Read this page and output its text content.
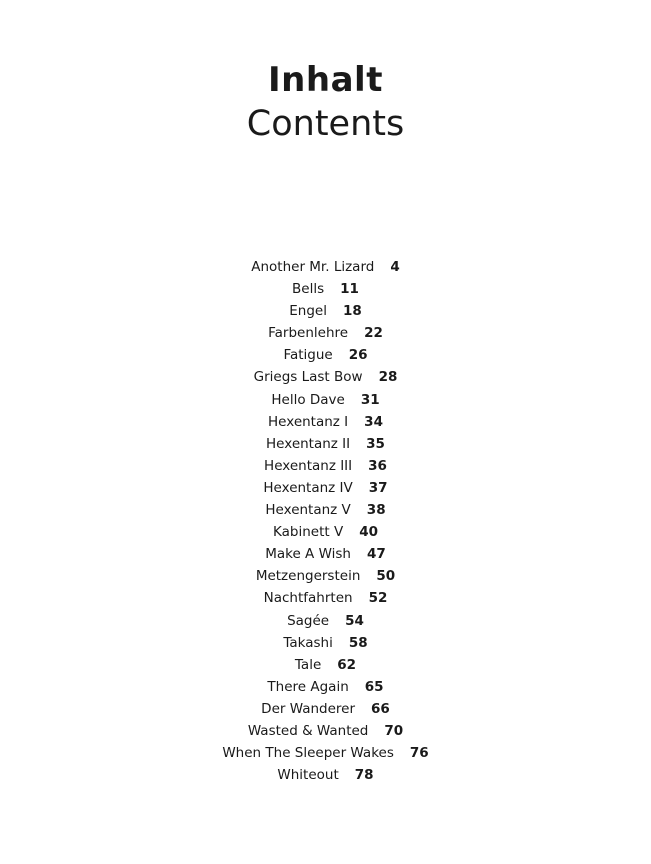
Inhalt
Contents
Another Mr. Lizard 4
Bells 11
Engel 18
Farbenlehre 22
Fatigue 26
Griegs Last Bow 28
Hello Dave 31
Hexentanz I 34
Hexentanz II 35
Hexentanz III 36
Hexentanz IV 37
Hexentanz V 38
Kabinett V 40
Make A Wish 47
Metzengerstein 50
Nachtfahrten 52
Sagée 54
Takashi 58
Tale 62
There Again 65
Der Wanderer 66
Wasted & Wanted 70
When The Sleeper Wakes 76
Whiteout 78
